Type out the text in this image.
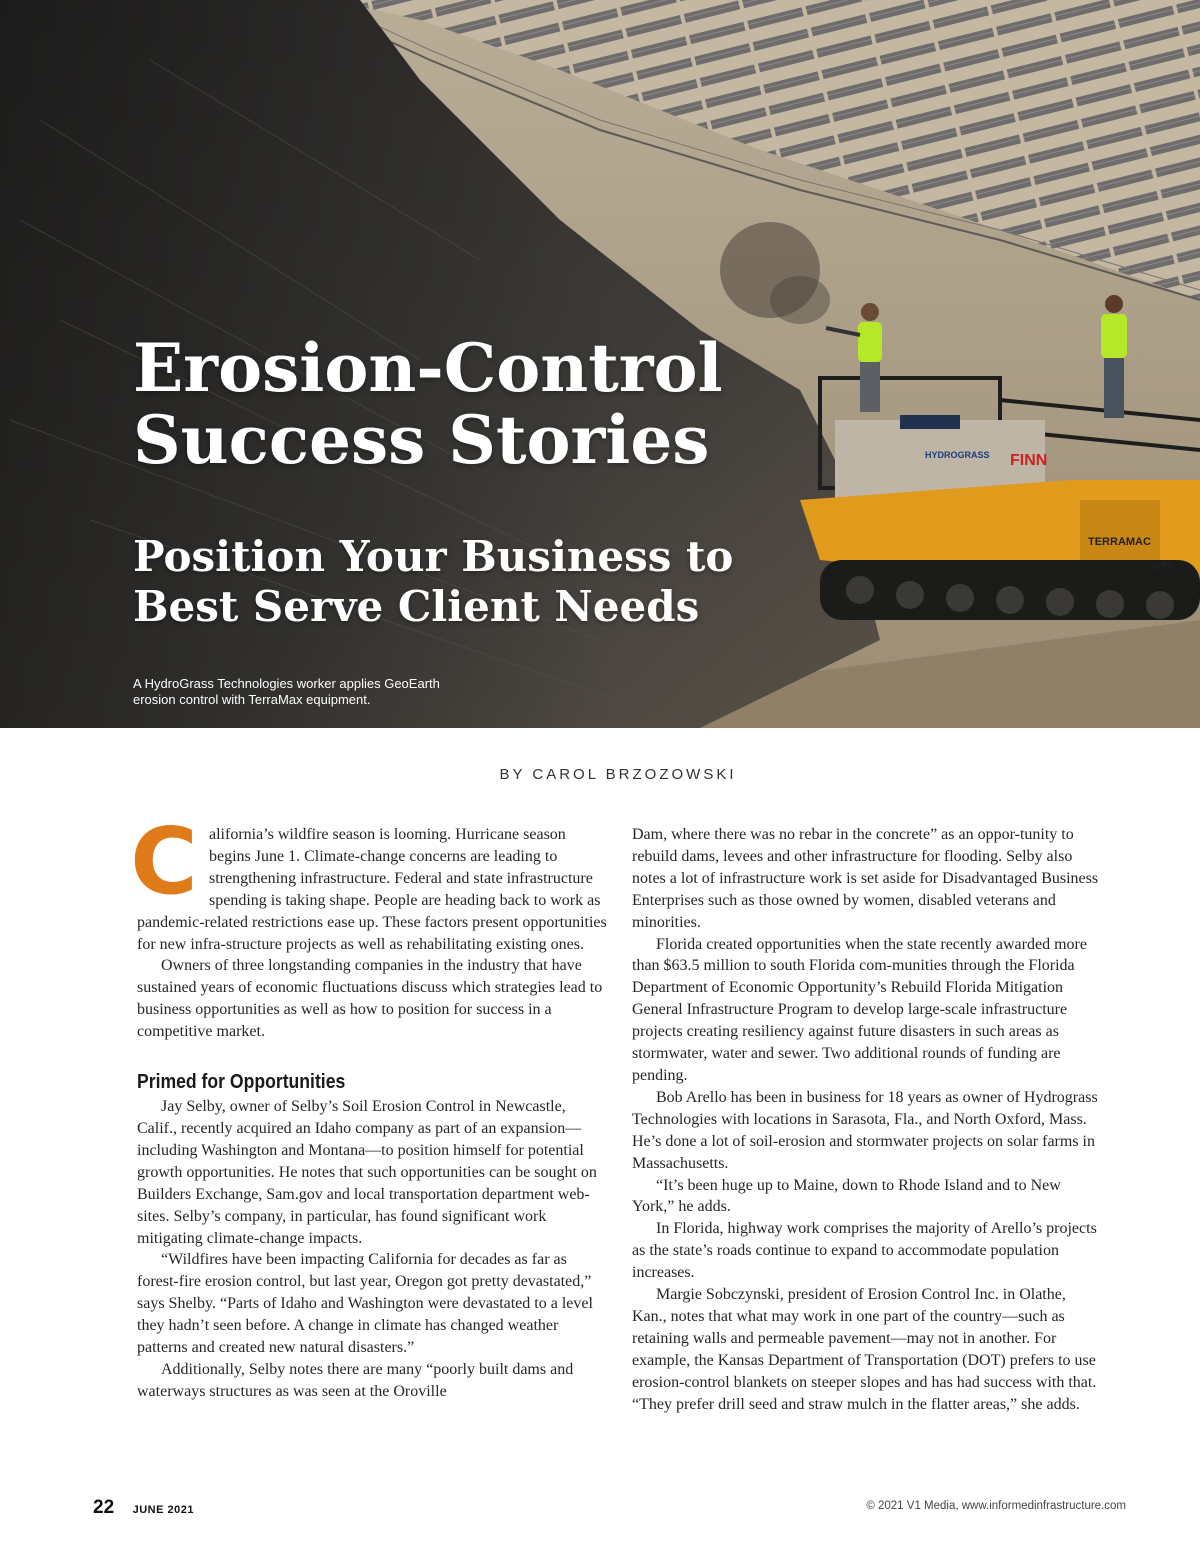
HYDROGRASS FINN
TERRAMAC
RT9
Erosion-Control
Success Stories
Position Your Business to
Best Serve Client Needs
A HydroGrass Technologies worker applies GeoEarth
erosion control with TerraMax equipment.
BY CAROL BRZOZOWSKI

California’s wildfire season is looming. Hurricane season begins June 1. Climate-change concerns are leading to strengthening infrastructure. Federal and state infrastructure spending is taking shape. People are heading back to work as pandemic-related restrictions ease up. These factors present opportunities for new infra-structure projects as well as rehabilitating existing ones.

Owners of three longstanding companies in the industry that have sustained years of economic fluctuations discuss which strategies lead to business opportunities as well as how to position for success in a competitive market.

Primed for Opportunities

Jay Selby, owner of Selby’s Soil Erosion Control in Newcastle, Calif., recently acquired an Idaho company as part of an expansion—including Washington and Montana—to position himself for potential growth opportunities. He notes that such opportunities can be sought on Builders Exchange, Sam.gov and local transportation department web-sites. Selby’s company, in particular, has found significant work mitigating climate-change impacts.

“Wildfires have been impacting California for decades as far as forest-fire erosion control, but last year, Oregon got pretty devastated,” says Shelby. “Parts of Idaho and Washington were devastated to a level they hadn’t seen before. A change in climate has changed weather patterns and created new natural disasters.”

Additionally, Selby notes there are many “poorly built dams and waterways structures as was seen at the Oroville

Dam, where there was no rebar in the concrete” as an oppor-tunity to rebuild dams, levees and other infrastructure for flooding. Selby also notes a lot of infrastructure work is set aside for Disadvantaged Business Enterprises such as those owned by women, disabled veterans and minorities.

Florida created opportunities when the state recently awarded more than $63.5 million to south Florida com-munities through the Florida Department of Economic Opportunity’s Rebuild Florida Mitigation General Infrastructure Program to develop large-scale infrastructure projects creating resiliency against future disasters in such areas as stormwater, water and sewer. Two additional rounds of funding are pending.

Bob Arello has been in business for 18 years as owner of Hydrograss Technologies with locations in Sarasota, Fla., and North Oxford, Mass. He’s done a lot of soil-erosion and stormwater projects on solar farms in Massachusetts.

“It’s been huge up to Maine, down to Rhode Island and to New York,” he adds.

In Florida, highway work comprises the majority of Arello’s projects as the state’s roads continue to expand to accommodate population increases.

Margie Sobczynski, president of Erosion Control Inc. in Olathe, Kan., notes that what may work in one part of the country—such as retaining walls and permeable pavement—may not in another. For example, the Kansas Department of Transportation (DOT) prefers to use erosion-control blankets on steeper slopes and has had success with that. “They prefer drill seed and straw mulch in the flatter areas,” she adds.

22 JUNE 2021	© 2021 V1 Media, www.informedinfrastructure.com
